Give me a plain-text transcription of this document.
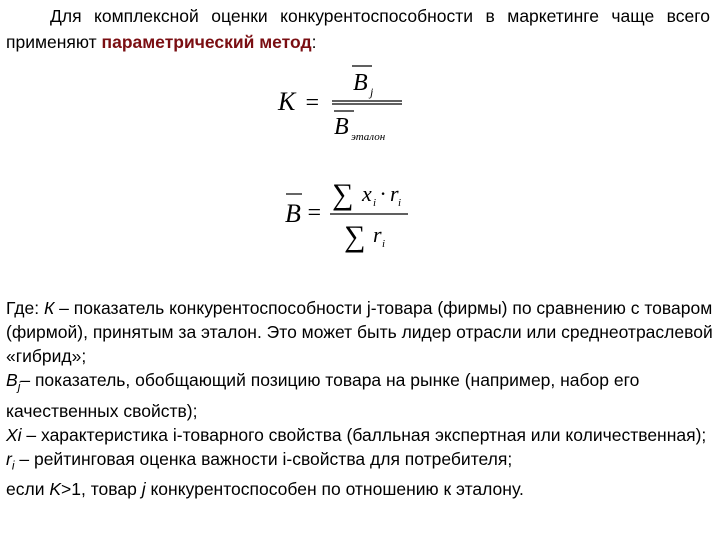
Для комплексной оценки конкурентоспособности в маркетинге чаще всего применяют параметрический метод:

K =
B j
B эталон
B =
∑ x i · r i
∑ r i

Где: К – показатель конкурентоспособности j-товара (фирмы) по сравнению с товаром (фирмой), принятым за эталон. Это может быть лидер отрасли или среднеотраслевой «гибрид»;

$B_j-$ показатель, обобщающий позицию товара на рынке (например, набор его качественных свойств);

Xi – характеристика i-товарного свойства (балльная экспертная или количественная);

$r_i$ – рейтинговая оценка важности i-свойства для потребителя;

если K>1, товар j конкурентоспособен по отношению к эталону.
